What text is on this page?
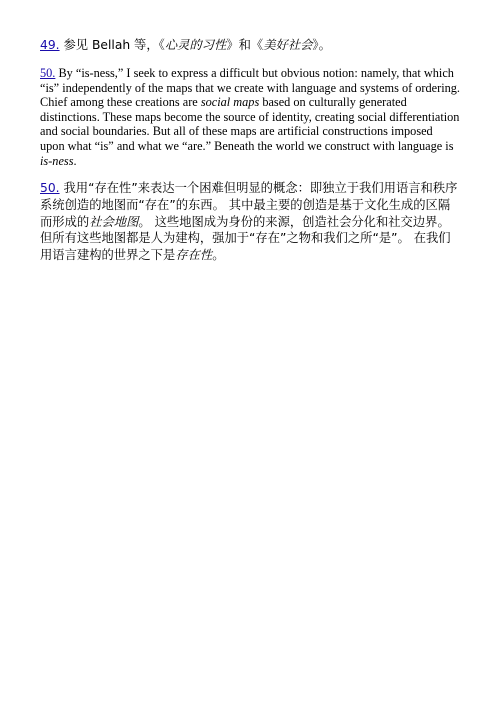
49. 参见 Bellah 等，《心灵的习性》和《美好社会》。

50. By “is-ness,” I seek to express a difficult but obvious notion: namely, that which “is” independently of the maps that we create with language and systems of ordering. Chief among these creations are social maps based on culturally generated distinctions. These maps become the source of identity, creating social differentiation and social boundaries. But all of these maps are artificial constructions imposed upon what “is” and what we “are.” Beneath the world we construct with language is is-ness.

50. 我用“存在性”来表达一个困难但明显的概念：即独立于我们用语言和秩序系统创造的地图而“存在”的东西。 其中最主要的创造是基于文化生成的区隔而形成的社会地图。 这些地图成为身份的来源，创造社会分化和社交边界。 但所有这些地图都是人为建构，强加于“存在”之物和我们之所“是”。 在我们用语言建构的世界之下是存在性。
